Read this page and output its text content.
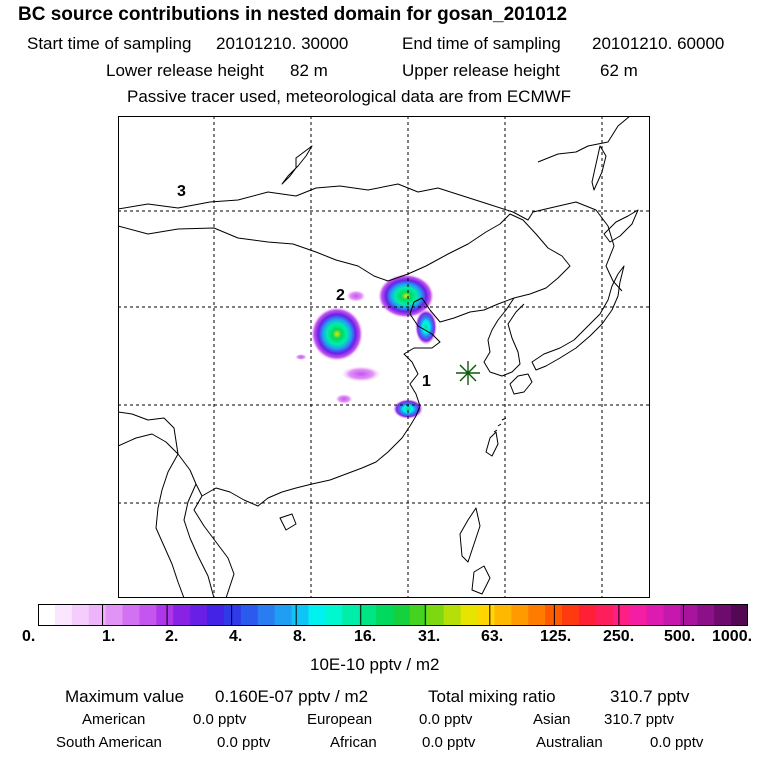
BC source contributions in nested domain for gosan_201012
Start time of sampling 20101210. 30000	End time of sampling 20101210. 60000
Lower release height 82 m	Upper release height 62 m
Passive tracer used, meteorological data are from ECMWF
1
2
3
0.	1.	2.	4.	8.	16.	31.	63. 125. 250. 500. 1000.
10E-10 pptv / m2
Maximum value 0.160E-07 pptv / m2	Total mixing ratio	310.7 pptv
American	0.0 pptv	European	0.0 pptv	Asian 310.7 pptv
South American	0.0 pptv	African	0.0 pptv	Australian	0.0 pptv
